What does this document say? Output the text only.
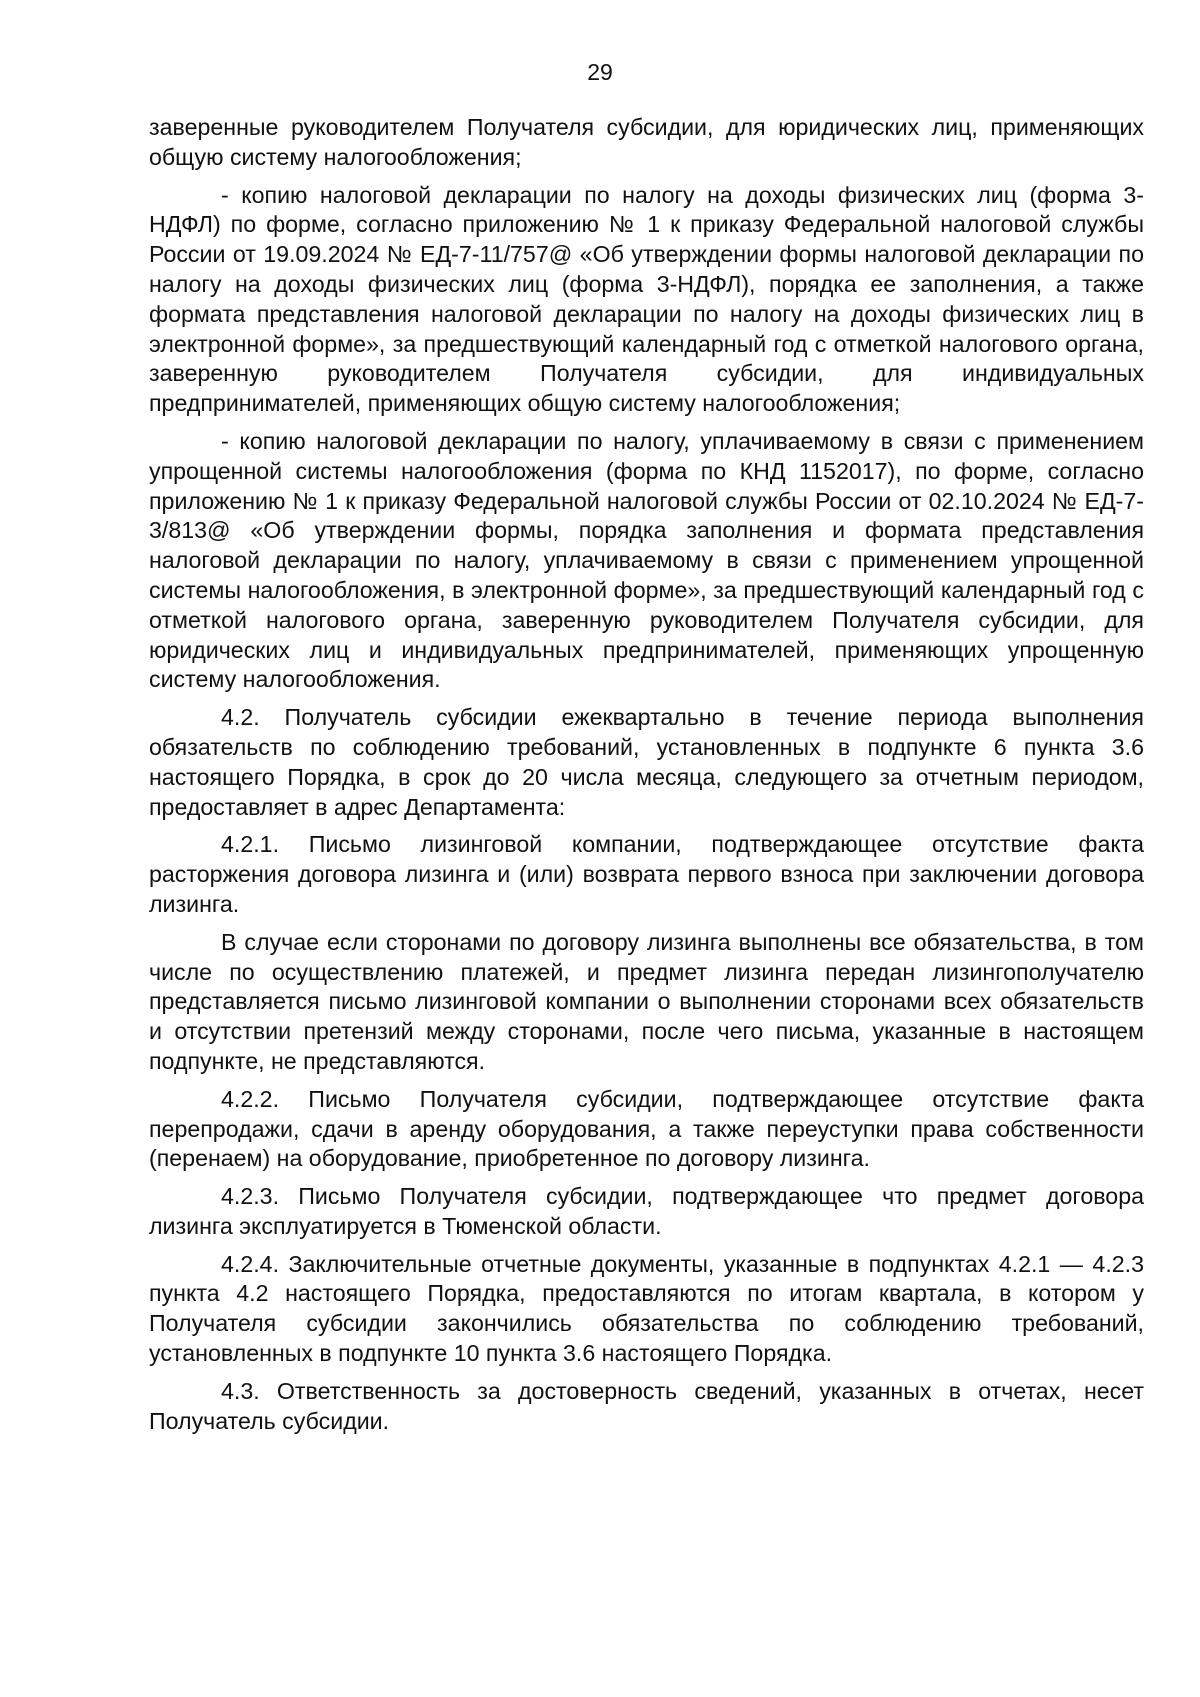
29

заверенные руководителем Получателя субсидии, для юридических лиц, применяющих общую систему налогообложения;

- копию налоговой декларации по налогу на доходы физических лиц (форма 3-НДФЛ) по форме, согласно приложению № 1 к приказу Федеральной налоговой службы России от 19.09.2024 № ЕД-7-11/757@ «Об утверждении формы налоговой декларации по налогу на доходы физических лиц (форма 3-НДФЛ), порядка ее заполнения, а также формата представления налоговой декларации по налогу на доходы физических лиц в электронной форме», за предшествующий календарный год с отметкой налогового органа, заверенную руководителем Получателя субсидии, для индивидуальных предпринимателей, применяющих общую систему налогообложения;

- копию налоговой декларации по налогу, уплачиваемому в связи с применением упрощенной системы налогообложения (форма по КНД 1152017), по форме, согласно приложению № 1 к приказу Федеральной налоговой службы России от 02.10.2024 № ЕД-7-3/813@ «Об утверждении формы, порядка заполнения и формата представления налоговой декларации по налогу, уплачиваемому в связи с применением упрощенной системы налогообложения, в электронной форме», за предшествующий календарный год с отметкой налогового органа, заверенную руководителем Получателя субсидии, для юридических лиц и индивидуальных предпринимателей, применяющих упрощенную систему налогообложения.

4.2. Получатель субсидии ежеквартально в течение периода выполнения обязательств по соблюдению требований, установленных в подпункте 6 пункта 3.6 настоящего Порядка, в срок до 20 числа месяца, следующего за отчетным периодом, предоставляет в адрес Департамента:

4.2.1. Письмо лизинговой компании, подтверждающее отсутствие факта расторжения договора лизинга и (или) возврата первого взноса при заключении договора лизинга.

В случае если сторонами по договору лизинга выполнены все обязательства, в том числе по осуществлению платежей, и предмет лизинга передан лизингополучателю представляется письмо лизинговой компании о выполнении сторонами всех обязательств и отсутствии претензий между сторонами, после чего письма, указанные в настоящем подпункте, не представляются.

4.2.2. Письмо Получателя субсидии, подтверждающее отсутствие факта перепродажи, сдачи в аренду оборудования, а также переуступки права собственности (перенаем) на оборудование, приобретенное по договору лизинга.

4.2.3. Письмо Получателя субсидии, подтверждающее что предмет договора лизинга эксплуатируется в Тюменской области.

4.2.4. Заключительные отчетные документы, указанные в подпунктах 4.2.1 — 4.2.3 пункта 4.2 настоящего Порядка, предоставляются по итогам квартала, в котором у Получателя субсидии закончились обязательства по соблюдению требований, установленных в подпункте 10 пункта 3.6 настоящего Порядка.

4.3. Ответственность за достоверность сведений, указанных в отчетах, несет Получатель субсидии.
